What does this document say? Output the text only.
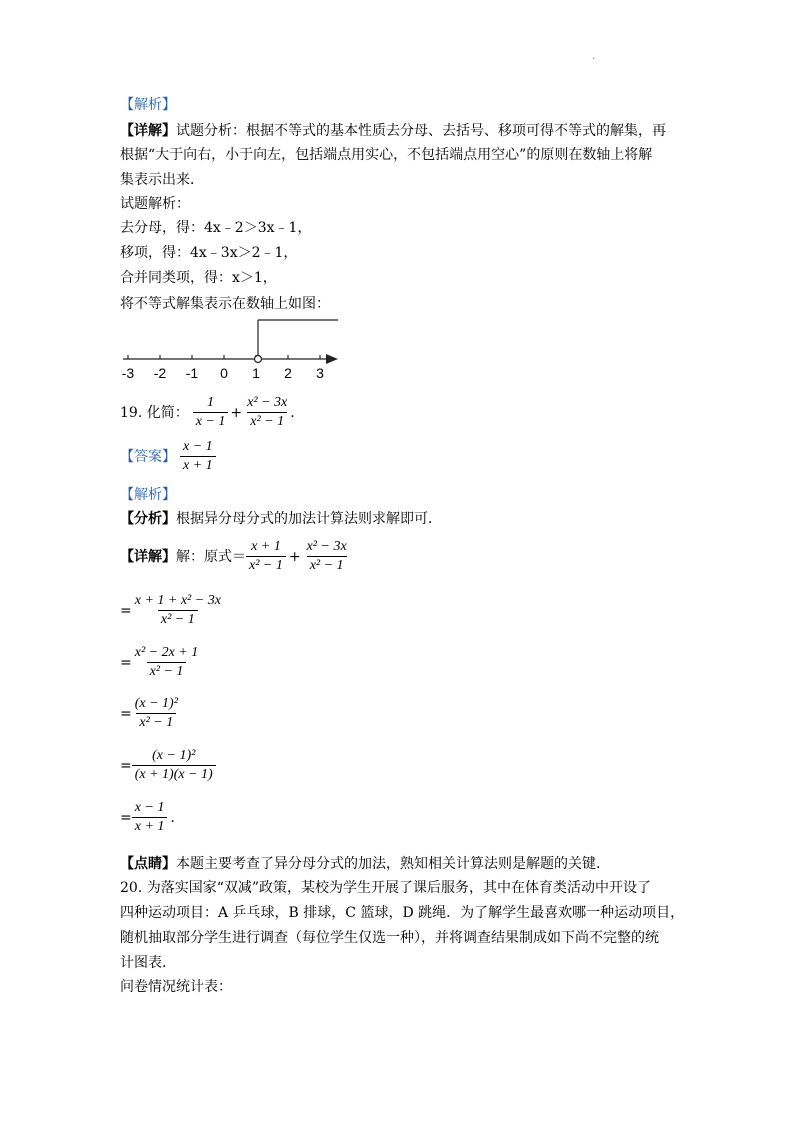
.
【解析】
【详解】试题分析：根据不等式的基本性质去分母、去括号、移项可得不等式的解集，再
根据“大于向右，小于向左，包括端点用实心，不包括端点用空心”的原则在数轴上将解
集表示出来．
试题解析：
去分母，得：4x﹣2＞3x﹣1，
移项，得：4x﹣3x＞2﹣1，
合并同类项，得：x＞1，
将不等式解集表示在数轴上如图：
-3 -2 -1 0 1 2 3
19. 化简： $\frac{1}{x - 1} + \frac{\text{x² − 3x}}{\text{x² − 1}}$ .
【答案】 $\frac{x - 1}{x + 1}$
【解析】
【分析】根据异分母分式的加法计算法则求解即可．
【详解】 解：原式＝ $\frac{x + 1}{\text{x² − 1}} + \frac{\text{x² − 3x}}{\text{x² − 1}}$
= $\frac{\text{x + 1 + x² − 3x}}{\text{x² − 1}}$
= $\frac{\text{x² − 2x + 1}}{\text{x² − 1}}$
= $\frac{\text{(x − 1)²}}{\text{x² − 1}}$
= $\frac{\text{(x − 1)²}}{(x + 1)(x - 1)}$
= $\frac{x - 1}{x + 1}$ .
【点睛】本题主要考查了异分母分式的加法，熟知相关计算法则是解题的关键．
20. 为落实国家“双减”政策，某校为学生开展了课后服务，其中在体育类活动中开设了
四种运动项目：A 乒乓球，B 排球，C 篮球，D 跳绳．为了解学生最喜欢哪一种运动项目，
随机抽取部分学生进行调查（每位学生仅选一种），并将调查结果制成如下尚不完整的统
计图表．
问卷情况统计表：
